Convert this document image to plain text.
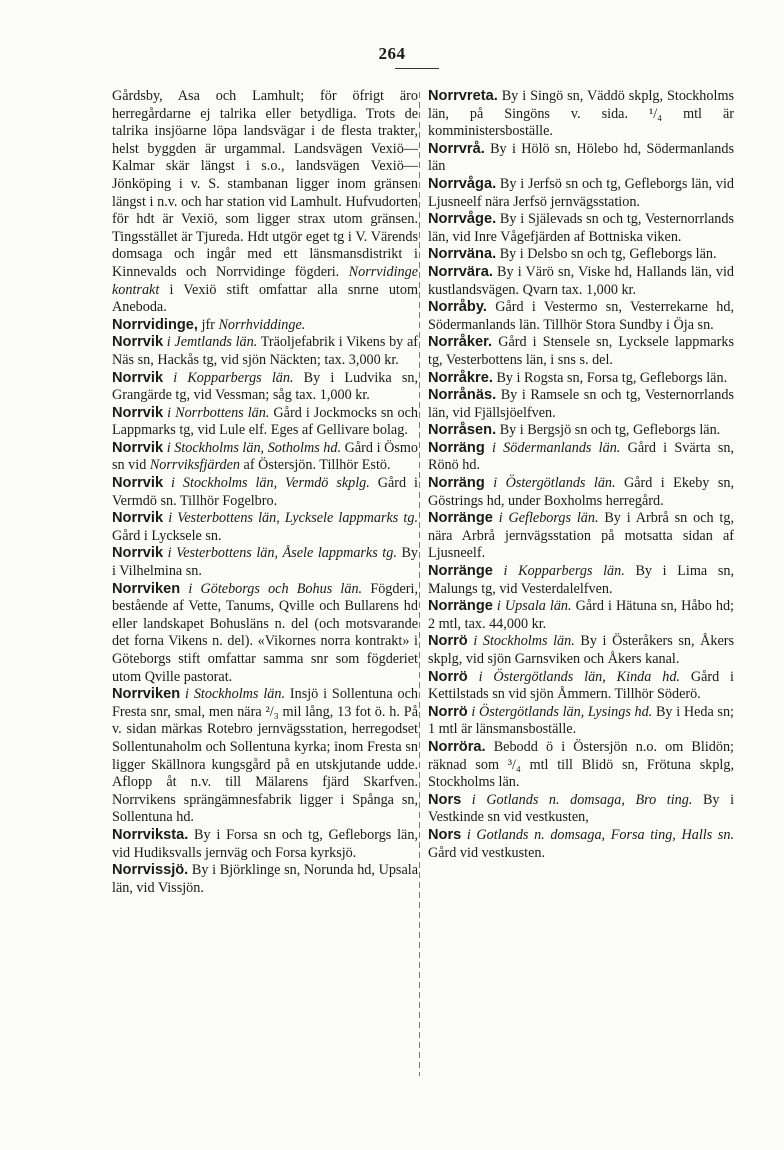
264

Gårdsby, Asa och Lamhult; för öfrigt äro herregårdarne ej talrika eller betydliga. Trots de talrika insjöarne löpa landsvägar i de flesta trakter, helst byggden är urgammal. Landsvägen Vexiö—Kalmar skär längst i s.o., landsvägen Vexiö—Jönköping i v. S. stambanan ligger inom gränsen längst i n.v. och har station vid Lamhult. Hufvudorten för hdt är Vexiö, som ligger strax utom gränsen. Tingsstället är Tjureda. Hdt utgör eget tg i V. Värends domsaga och ingår med ett länsmansdistrikt i Kinnevalds och Norrvidinge fögderi. Norrvidinge kontrakt i Vexiö stift omfattar alla snrne utom Aneboda.

Norrvidinge, jfr Norrhviddinge.

Norrvik i Jemtlands län. Träoljefabrik i Vikens by af Näs sn, Hackås tg, vid sjön Näckten; tax. 3,000 kr.

Norrvik i Kopparbergs län. By i Ludvika sn, Grangärde tg, vid Vessman; såg tax. 1,000 kr.

Norrvik i Norrbottens län. Gård i Jockmocks sn och Lappmarks tg, vid Lule elf. Eges af Gellivare bolag.

Norrvik i Stockholms län, Sotholms hd. Gård i Ösmo sn vid Norrviksfjärden af Östersjön. Tillhör Estö.

Norrvik i Stockholms län, Vermdö skplg. Gård i Vermdö sn. Tillhör Fogelbro.

Norrvik i Vesterbottens län, Lycksele lappmarks tg. Gård i Lycksele sn.

Norrvik i Vesterbottens län, Åsele lappmarks tg. By i Vilhelmina sn.

Norrviken i Göteborgs och Bohus län. Fögderi, bestående af Vette, Tanums, Qville och Bullarens hd eller landskapet Bohusläns n. del (och motsvarande det forna Vikens n. del). «Vikornes norra kontrakt» i Göteborgs stift omfattar samma snr som fögderiet utom Qville pastorat.

Norrviken i Stockholms län. Insjö i Sollentuna och Fresta snr, smal, men nära ²/₃ mil lång, 13 fot ö. h. På v. sidan märkas Rotebro jernvägsstation, herregodset Sollentunaholm och Sollentuna kyrka; inom Fresta sn ligger Skällnora kungsgård på en utskjutande udde. Aflopp åt n.v. till Mälarens fjärd Skarfven. Norrvikens sprängämnesfabrik ligger i Spånga sn, Sollentuna hd.

Norrviksta. By i Forsa sn och tg, Gefleborgs län, vid Hudiksvalls jernväg och Forsa kyrksjö.

Norrvissjö. By i Björklinge sn, Norunda hd, Upsala län, vid Vissjön.

Norrvreta. By i Singö sn, Väddö skplg, Stockholms län, på Singöns v. sida. ¹/₄ mtl är komministersboställe.

Norrvrå. By i Hölö sn, Hölebo hd, Södermanlands län

Norrvåga. By i Jerfsö sn och tg, Gefleborgs län, vid Ljusneelf nära Jerfsö jernvägsstation.

Norrvåge. By i Själevads sn och tg, Vesternorrlands län, vid Inre Vågefjärden af Bottniska viken.

Norrväna. By i Delsbo sn och tg, Gefleborgs län.

Norrvära. By i Värö sn, Viske hd, Hallands län, vid kustlandsvägen. Qvarn tax. 1,000 kr.

Norråby. Gård i Vestermo sn, Vesterrekarne hd, Södermanlands län. Tillhör Stora Sundby i Öja sn.

Norråker. Gård i Stensele sn, Lycksele lappmarks tg, Vesterbottens län, i sns s. del.

Norråkre. By i Rogsta sn, Forsa tg, Gefleborgs län.

Norrånäs. By i Ramsele sn och tg, Vesternorrlands län, vid Fjällsjöelfven.

Norråsen. By i Bergsjö sn och tg, Gefleborgs län.

Norräng i Södermanlands län. Gård i Svärta sn, Rönö hd.

Norräng i Östergötlands län. Gård i Ekeby sn, Göstrings hd, under Boxholms herregård.

Norränge i Gefleborgs län. By i Arbrå sn och tg, nära Arbrå jernvägsstation på motsatta sidan af Ljusneelf.

Norränge i Kopparbergs län. By i Lima sn, Malungs tg, vid Vesterdalelfven.

Norränge i Upsala län. Gård i Hätuna sn, Håbo hd; 2 mtl, tax. 44,000 kr.

Norrö i Stockholms län. By i Österåkers sn, Åkers skplg, vid sjön Garnsviken och Åkers kanal.

Norrö i Östergötlands län, Kinda hd. Gård i Kettilstads sn vid sjön Åmmern. Tillhör Söderö.

Norrö i Östergötlands län, Lysings hd. By i Heda sn; 1 mtl är länsmansboställe.

Norröra. Bebodd ö i Östersjön n.o. om Blidön; räknad som ³/₄ mtl till Blidö sn, Frötuna skplg, Stockholms län.

Nors i Gotlands n. domsaga, Bro ting. By i Vestkinde sn vid vestkusten,

Nors i Gotlands n. domsaga, Forsa ting, Halls sn. Gård vid vestkusten.
